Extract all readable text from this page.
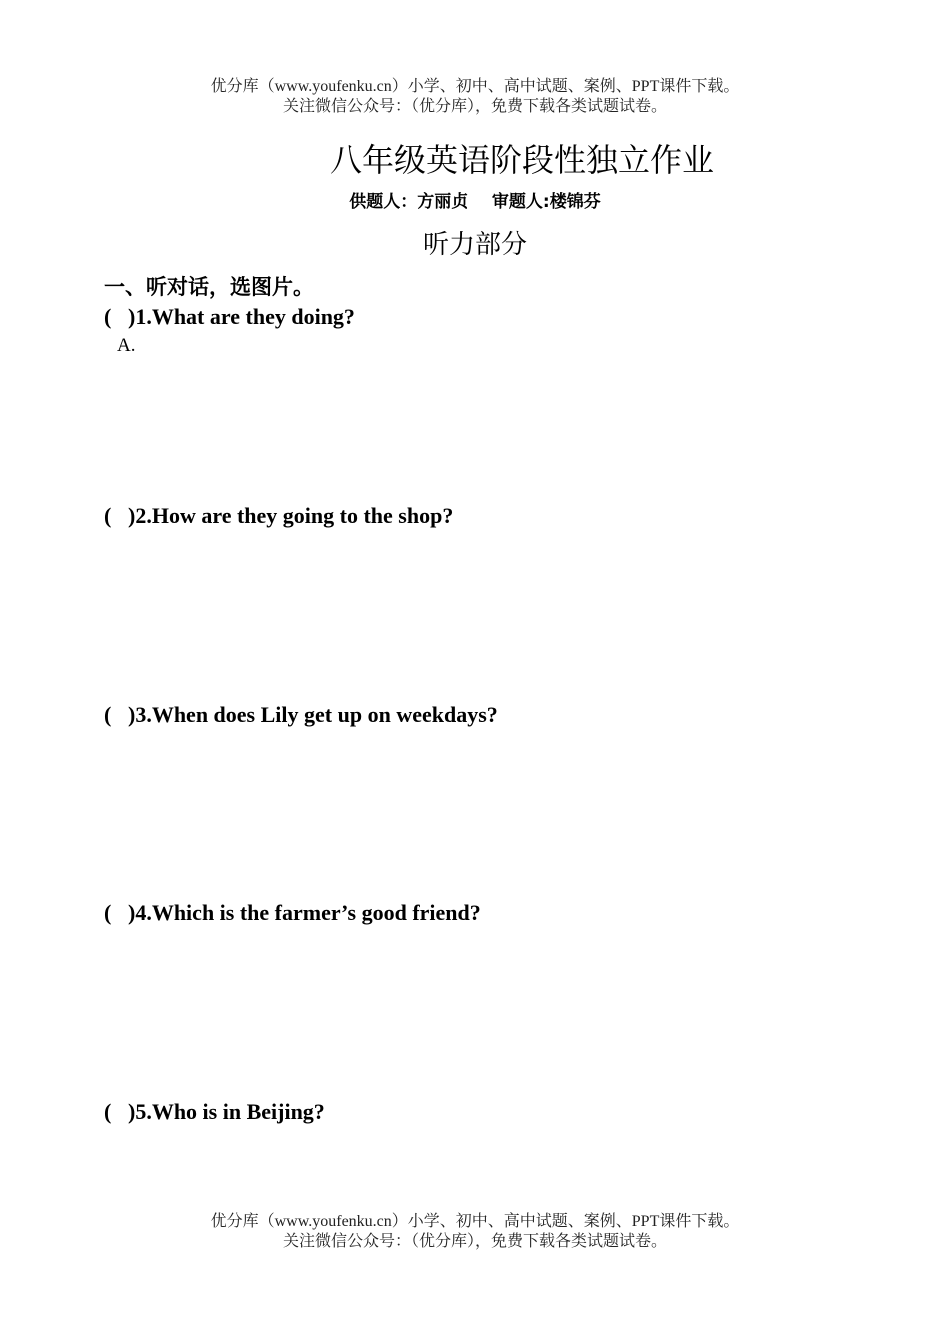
优分库（www.youfenku.cn）小学、初中、高中试题、案例、PPT课件下载。
关注微信公众号：（优分库），免费下载各类试题试卷。
八年级英语阶段性独立作业
供题人：方丽贞    审题人:楼锦芬
听力部分
一、听对话，选图片。
( )1.What are they doing?
A.
( )2.How are they going to the shop?
( )3.When does Lily get up on weekdays?
( )4.Which is the farmer’s good friend?
( )5.Who is in Beijing?
优分库（www.youfenku.cn）小学、初中、高中试题、案例、PPT课件下载。
关注微信公众号：（优分库），免费下载各类试题试卷。
